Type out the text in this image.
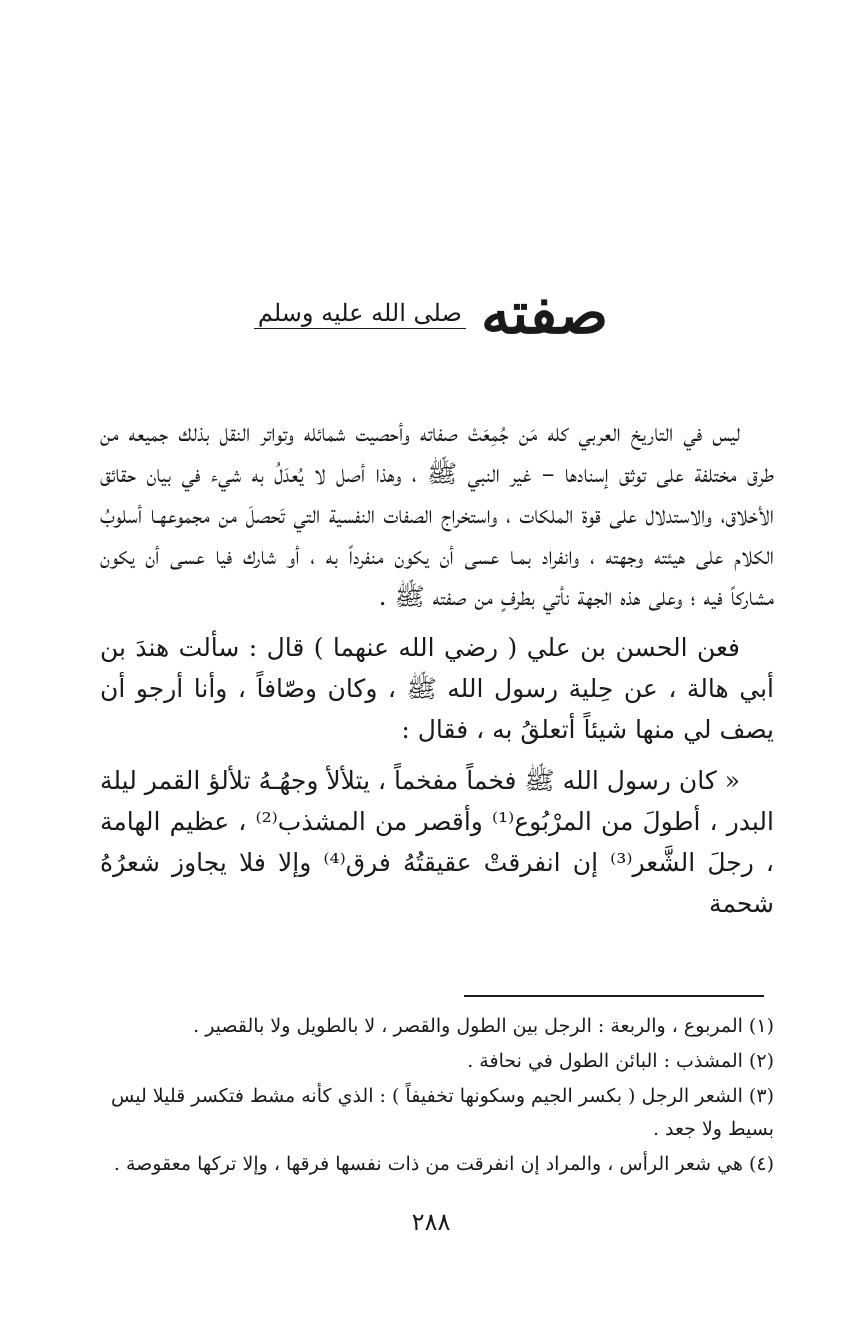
صفته صلى الله عليه وسلم

ليس في التاريخ العربي كله مَن جُمِعَتْ صفاته وأحصيت شمائله وتواتر النقل بذلك جميعه من طرق مختلفة على توثق إسنادها – غير النبي ﷺ ، وهذا أصل لا يُعدَلُ به شيء في بيان حقائق الأخلاق، والاستدلال على قوة الملكات ، واستخراج الصفات النفسية التي تَحصلَ من مجموعهـا أسلوبُ الكلام على هيئته وجهته ، وانفراد بمـا عسى أن يكون منفرداً به ، أو شارك فيا عسى أن يكون مشاركاً فيه ؛ وعلى هذه الجهة نأتي بطرفٍ من صفته ﷺ .

فعن الحسن بن علي ( رضي الله عنهما ) قال : سألت هندَ بن أبي هالة ، عن حِلية رسول الله ﷺ ، وكان وصّافاً ، وأنا أرجو أن يصف لي منها شيئاً أتعلقُ به ، فقال :

« كان رسول الله ﷺ فخماً مفخماً ، يتلألأ وجهُـهُ تلألؤ القمر ليلة البدر ، أطولَ من المرْبُوع⁽¹⁾ وأقصر من المشذب⁽²⁾ ، عظيم الهامة ، رجلَ الشَّعر⁽³⁾ إن انفرقتْ عقيقتُهُ فرق⁽⁴⁾ وإلا فلا يجاوز شعرُهُ شحمة

(١) المربوع ، والربعة : الرجل بين الطول والقصر ، لا بالطويل ولا بالقصير .

(٢) المشذب : البائن الطول في نحافة .

(٣) الشعر الرجل ( بكسر الجيم وسكونها تخفيفاً ) : الذي كأنه مشط فتكسر قليلا ليس بسيط ولا جعد .

(٤) هي شعر الرأس ، والمراد إن انفرقت من ذات نفسها فرقها ، وإلا تركها معقوصة .

٢٨٨
